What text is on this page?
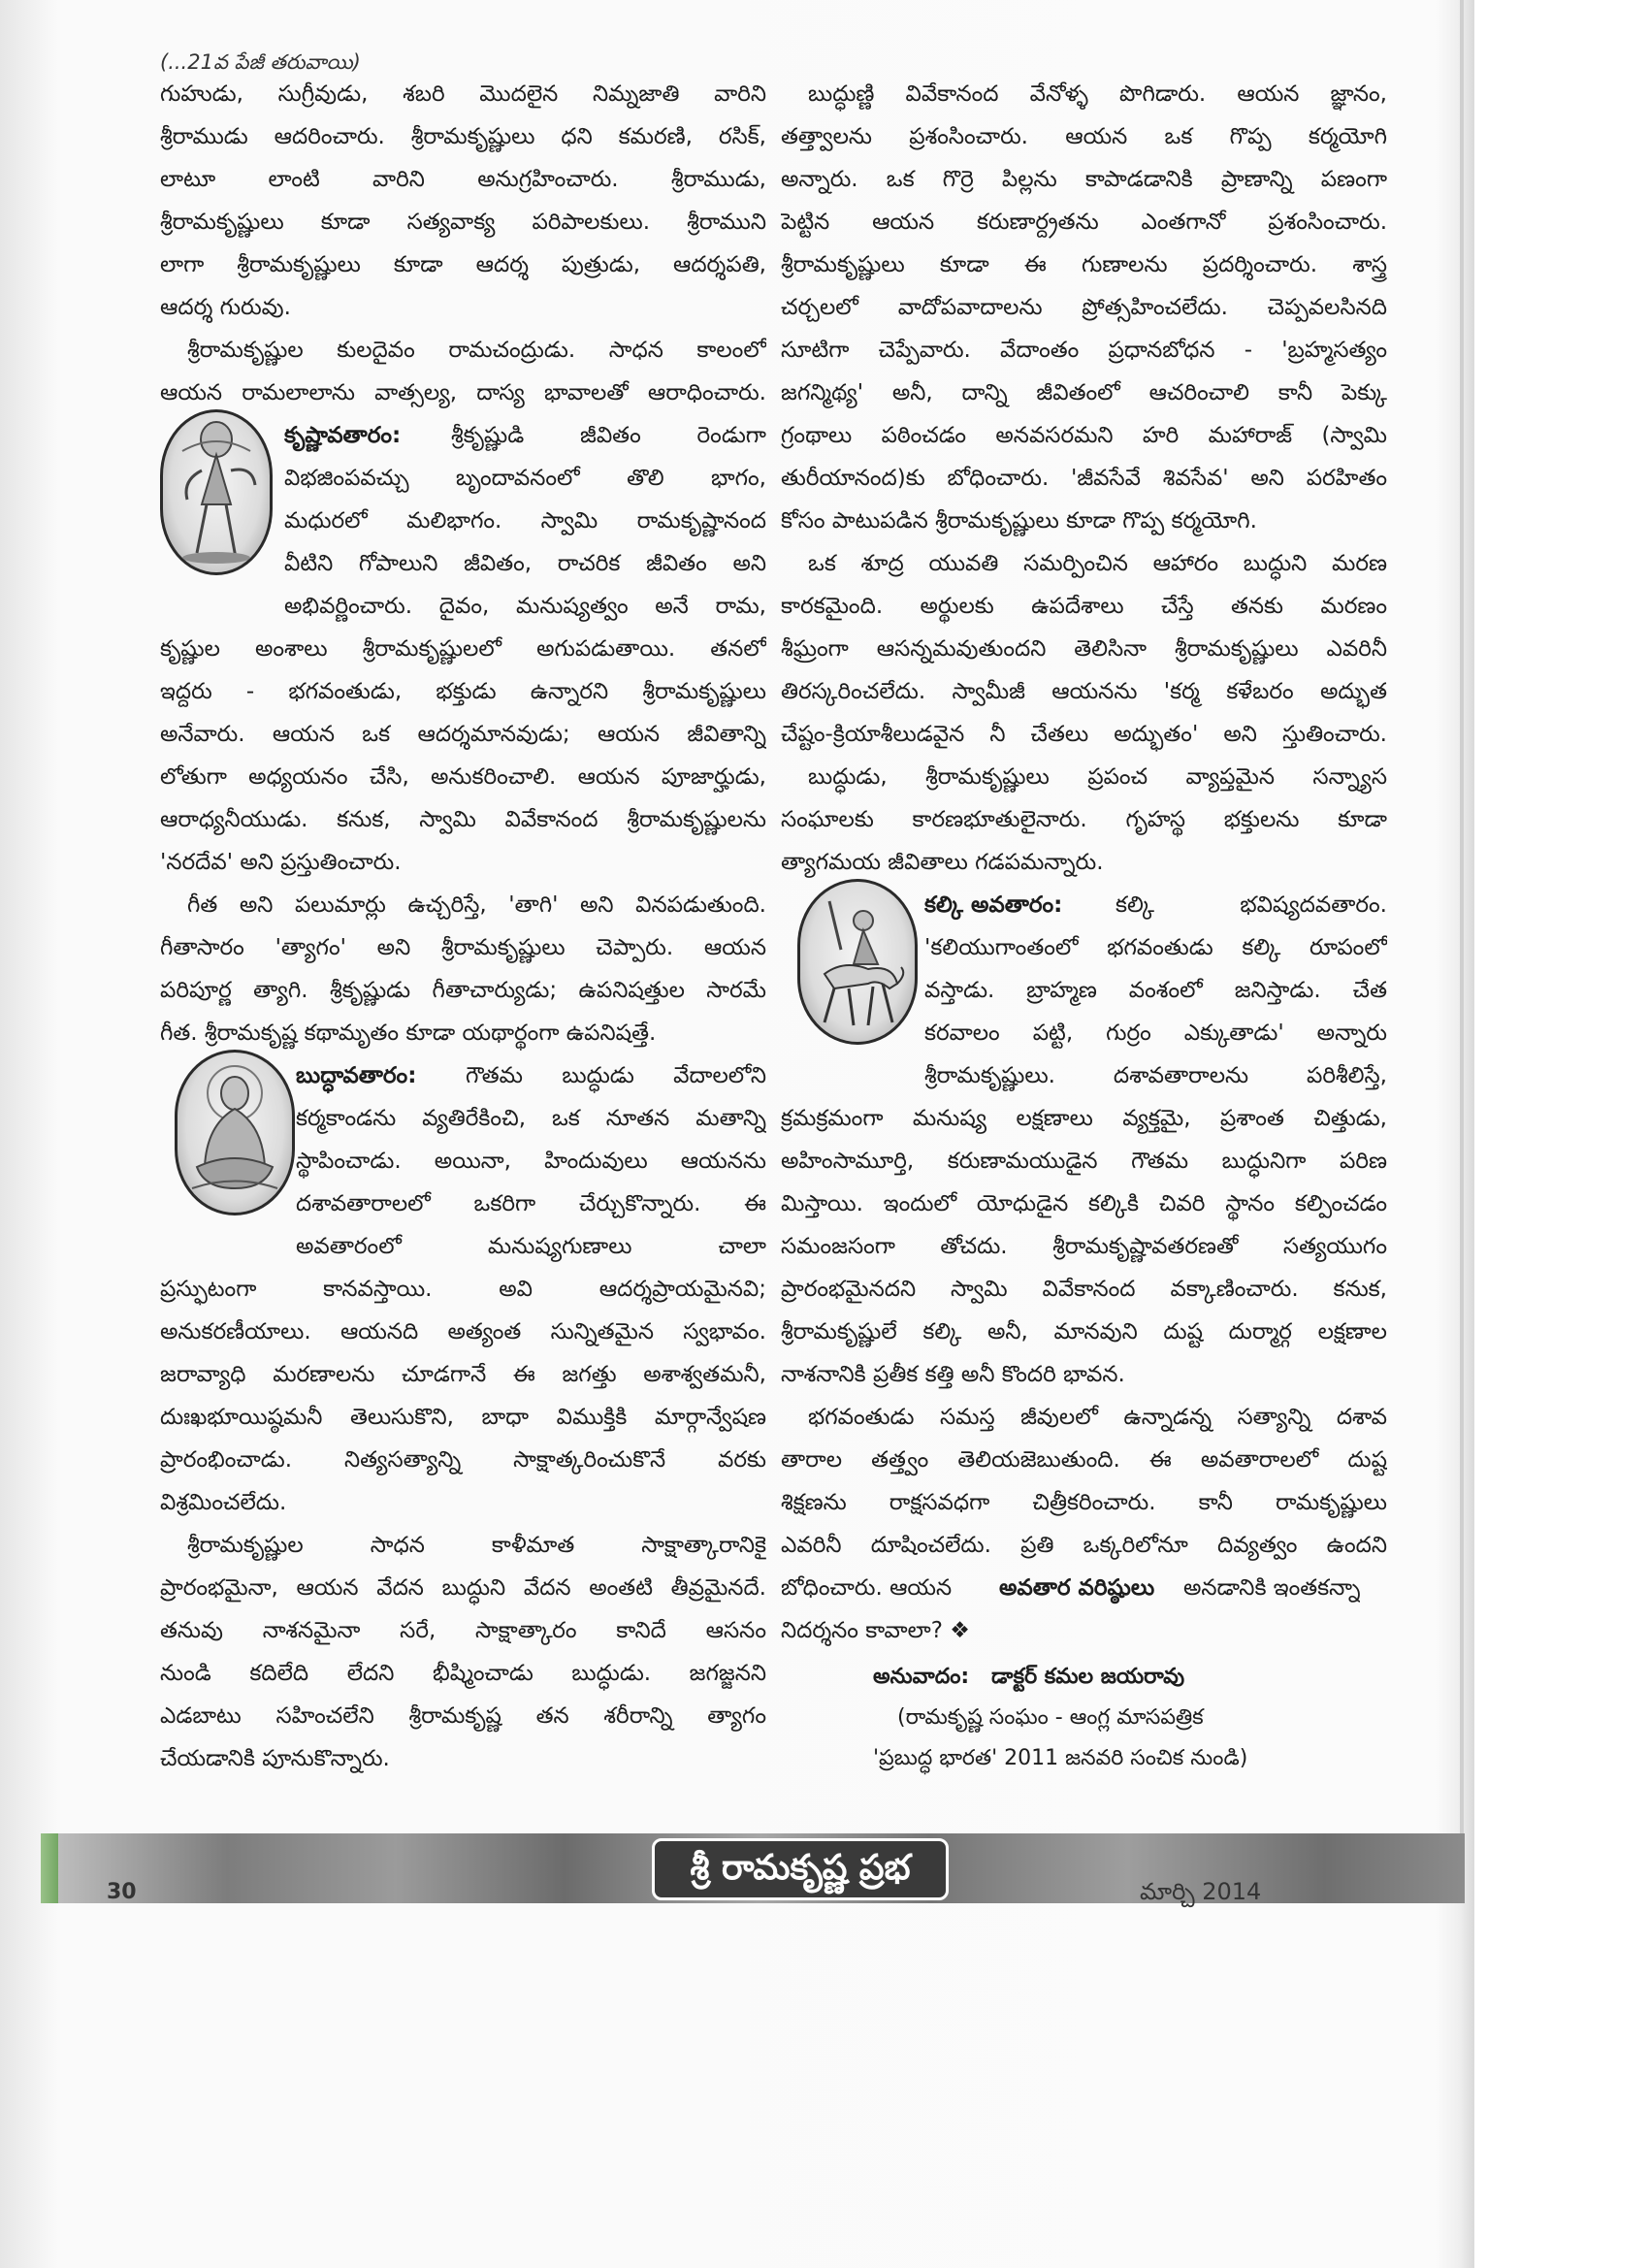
(...21వ పేజీ తరువాయి)
గుహుడు, సుగ్రీవుడు, శబరి మొదలైన నిమ్నజాతి వారిని
శ్రీరాముడు ఆదరించారు. శ్రీరామకృష్ణులు ధని కమరణి, రసిక్,
లాటూ లాంటి వారిని అనుగ్రహించారు. శ్రీరాముడు,
శ్రీరామకృష్ణులు కూడా సత్యవాక్య పరిపాలకులు. శ్రీరాముని
లాగా శ్రీరామకృష్ణులు కూడా ఆదర్శ పుత్రుడు, ఆదర్శపతి,
ఆదర్శ గురువు.
శ్రీరామకృష్ణుల కులదైవం రామచంద్రుడు. సాధన కాలంలో
ఆయన రామలాలాను వాత్సల్య, దాస్య భావాలతో ఆరాధించారు.
కృష్ణావతారం:	శ్రీకృష్ణుడి జీవితం రెండుగా
విభజింపవచ్చు బృందావనంలో తొలి భాగం,
మధురలో మలిభాగం. స్వామి రామకృష్ణానంద
వీటిని గోపాలుని జీవితం, రాచరిక జీవితం అని
అభివర్ణించారు. దైవం, మనుష్యత్వం అనే రామ,
కృష్ణుల అంశాలు శ్రీరామకృష్ణులలో అగుపడుతాయి. తనలో
ఇద్దరు - భగవంతుడు, భక్తుడు ఉన్నారని శ్రీరామకృష్ణులు
అనేవారు. ఆయన ఒక ఆదర్శమానవుడు; ఆయన జీవితాన్ని
లోతుగా అధ్యయనం చేసి, అనుకరించాలి. ఆయన పూజార్హుడు,
ఆరాధ్యనీయుడు. కనుక, స్వామి వివేకానంద శ్రీరామకృష్ణులను
'నరదేవ' అని ప్రస్తుతించారు.
గీత అని పలుమార్లు ఉచ్చరిస్తే, 'తాగి' అని వినపడుతుంది.
గీతాసారం 'త్యాగం' అని శ్రీరామకృష్ణులు చెప్పారు. ఆయన
పరిపూర్ణ త్యాగి. శ్రీకృష్ణుడు గీతాచార్యుడు; ఉపనిషత్తుల సారమే
గీత. శ్రీరామకృష్ణ కథామృతం కూడా యథార్థంగా ఉపనిషత్తే.
బుద్ధావతారం:	గౌతమ బుద్ధుడు వేదాలలోని
కర్మకాండను వ్యతిరేకించి, ఒక నూతన మతాన్ని
స్థాపించాడు. అయినా, హిందువులు ఆయనను
దశావతారాలలో ఒకరిగా చేర్చుకొన్నారు. ఈ
అవతారంలో మనుష్యగుణాలు చాలా
ప్రస్ఫుటంగా కానవస్తాయి. అవి ఆదర్శప్రాయమైనవి;
అనుకరణీయాలు. ఆయనది అత్యంత సున్నితమైన స్వభావం.
జరావ్యాధి మరణాలను చూడగానే ఈ జగత్తు అశాశ్వతమనీ,
దుఃఖభూయిష్ఠమనీ తెలుసుకొని, బాధా విముక్తికి మార్గాన్వేషణ
ప్రారంభించాడు. నిత్యసత్యాన్ని సాక్షాత్కరించుకొనే వరకు
విశ్రమించలేదు.
శ్రీరామకృష్ణుల సాధన కాళీమాత సాక్షాత్కారానికై
ప్రారంభమైనా, ఆయన వేదన బుద్ధుని వేదన అంతటి తీవ్రమైనదే.
తనువు నాశనమైనా సరే, సాక్షాత్కారం కానిదే ఆసనం
నుండి కదిలేది లేదని భీష్మించాడు బుద్ధుడు. జగజ్జనని
ఎడబాటు సహించలేని శ్రీరామకృష్ణ తన శరీరాన్ని త్యాగం
చేయడానికి పూనుకొన్నారు.
బుద్ధుణ్ణి వివేకానంద వేనోళ్ళ పొగిడారు. ఆయన జ్ఞానం,
తత్త్వాలను ప్రశంసించారు. ఆయన ఒక గొప్ప కర్మయోగి
అన్నారు. ఒక గొర్రె పిల్లను కాపాడడానికి ప్రాణాన్ని పణంగా
పెట్టిన ఆయన కరుణార్ద్రతను ఎంతగానో ప్రశంసించారు.
శ్రీరామకృష్ణులు కూడా ఈ గుణాలను ప్రదర్శించారు. శాస్త్ర
చర్చలలో వాదోపవాదాలను ప్రోత్సహించలేదు. చెప్పవలసినది
సూటిగా చెప్పేవారు. వేదాంతం ప్రధానబోధన - 'బ్రహ్మసత్యం
జగన్మిథ్య' అనీ, దాన్ని జీవితంలో ఆచరించాలి కానీ పెక్కు
గ్రంథాలు పఠించడం అనవసరమని హరి మహారాజ్ (స్వామి
తురీయానంద)కు బోధించారు. 'జీవసేవే శివసేవ' అని పరహితం
కోసం పాటుపడిన శ్రీరామకృష్ణులు కూడా గొప్ప కర్మయోగి.
ఒక శూద్ర యువతి సమర్పించిన ఆహారం బుద్ధుని మరణ
కారకమైంది. అర్థులకు ఉపదేశాలు చేస్తే తనకు మరణం
శీఘ్రంగా ఆసన్నమవుతుందని తెలిసినా శ్రీరామకృష్ణులు ఎవరినీ
తిరస్కరించలేదు. స్వామీజీ ఆయనను 'కర్మ కళేబరం అద్భుత
చేష్టం-క్రియాశీలుడవైన నీ చేతలు అద్భుతం' అని స్తుతించారు.
బుద్ధుడు, శ్రీరామకృష్ణులు ప్రపంచ వ్యాప్తమైన సన్న్యాస
సంఘాలకు కారణభూతులైనారు. గృహస్థ భక్తులను కూడా
త్యాగమయ జీవితాలు గడపమన్నారు.
కల్కి అవతారం:	కల్కి భవిష్యదవతారం.
'కలియుగాంతంలో భగవంతుడు కల్కి రూపంలో
వస్తాడు. బ్రాహ్మణ వంశంలో జనిస్తాడు. చేత
కరవాలం పట్టి, గుర్రం ఎక్కుతాడు' అన్నారు
శ్రీరామకృష్ణులు. దశావతారాలను పరిశీలిస్తే,
క్రమక్రమంగా మనుష్య లక్షణాలు వ్యక్తమై, ప్రశాంత చిత్తుడు,
అహింసామూర్తి, కరుణామయుడైన గౌతమ బుద్ధునిగా పరిణ
మిస్తాయి. ఇందులో యోధుడైన కల్కికి చివరి స్థానం కల్పించడం
సమంజసంగా తోచదు. శ్రీరామకృష్ణావతరణతో సత్యయుగం
ప్రారంభమైనదని స్వామి వివేకానంద వక్కాణించారు. కనుక,
శ్రీరామకృష్ణులే కల్కి అనీ, మానవుని దుష్ట దుర్మార్గ లక్షణాల
నాశనానికి ప్రతీక కత్తి అనీ కొందరి భావన.
భగవంతుడు సమస్త జీవులలో ఉన్నాడన్న సత్యాన్ని దశావ
తారాల తత్త్వం తెలియజెబుతుంది. ఈ అవతారాలలో దుష్ట
శిక్షణను రాక్షసవధగా చిత్రీకరించారు. కానీ రామకృష్ణులు
ఎవరినీ దూషించలేదు. ప్రతి ఒక్కరిలోనూ దివ్యత్వం ఉందని
బోధించారు. ఆయన అవతార వరిష్ఠులు అనడానికి ఇంతకన్నా
నిదర్శనం కావాలా? ❖
శ్రీ రామకృష్ణ ప్రభ
30	మార్చి 2014
అనువాదం: డాక్టర్ కమల జయరావు
(రామకృష్ణ సంఘం - ఆంగ్ల మాసపత్రిక
'ప్రబుద్ధ భారత' 2011 జనవరి సంచిక నుండి)
